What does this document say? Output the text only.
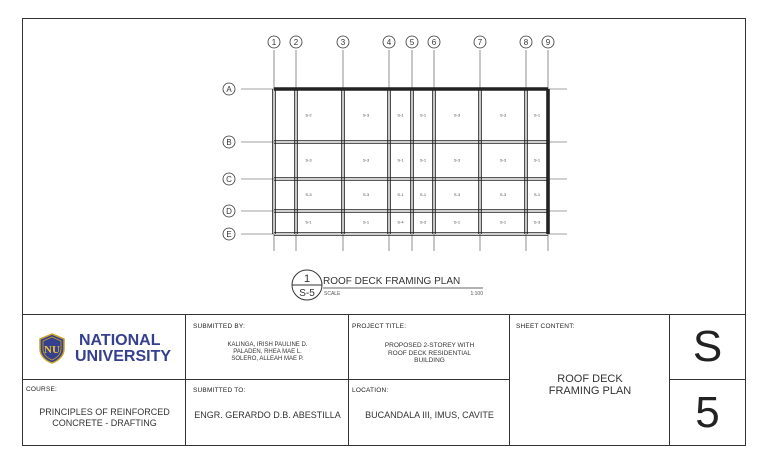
1 2	3	4 5 6	7	8 9
A
B
C
D
E
S-2	S-3	S-1	S-1	S-3	S-3	S-1
S-3	S-3	S-1	S-1	S-3	S-3	S-1
S-3	S-3	S-1	S-1	S-3	S-3	S-1
S-1	S-1	S-4	S-3	S-1	S-1	S-3
1
S-5
ROOF DECK FRAMING PLAN
SCALE	1:100
NU
NATIONAL
UNIVERSITY
COURSE:
PRINCIPLES OF REINFORCED
CONCRETE - DRAFTING
SUBMITTED BY:
KALINGA, IRISH PAULINE D.
PALADEN, RHEA MAE L.
SOLERO, ALLEAH MAE P.
SUBMITTED TO:
ENGR. GERARDO D.B. ABESTILLA
PROJECT TITLE:
PROPOSED 2-STOREY WITH
ROOF DECK RESIDENTIAL
BUILDING
LOCATION:
BUCANDALA III, IMUS, CAVITE
SHEET CONTENT:
ROOF DECK
FRAMING PLAN
S
5
